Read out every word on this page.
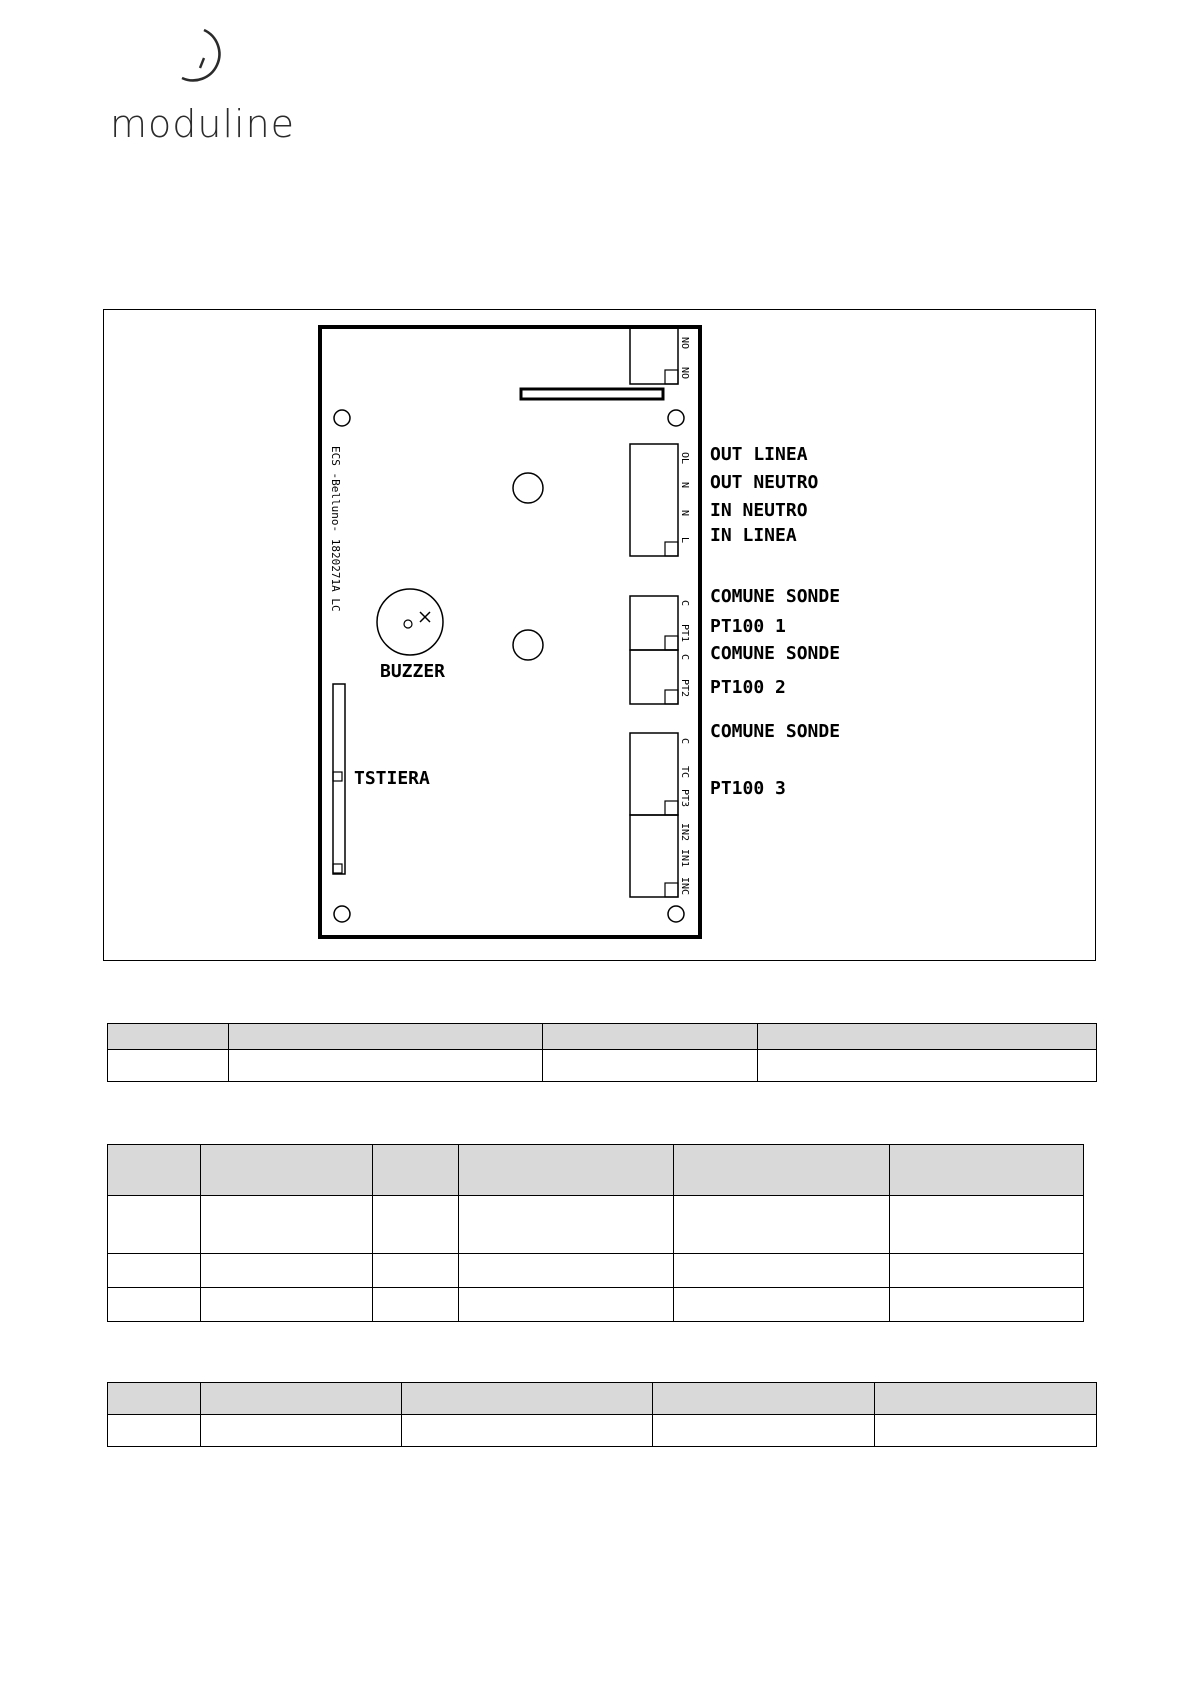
moduline
BUZZER
ECS -Belluno- 1820271A LC
TSTIERA
NO
NO
OL
N
N
L
C
PT1
C
PT2
C
TC
PT3
IN2
IN1
INC
OUT LINEA
OUT NEUTRO
IN NEUTRO
IN LINEA
COMUNE SONDE
PT100 1
COMUNE SONDE
PT100 2
COMUNE SONDE
PT100 3
